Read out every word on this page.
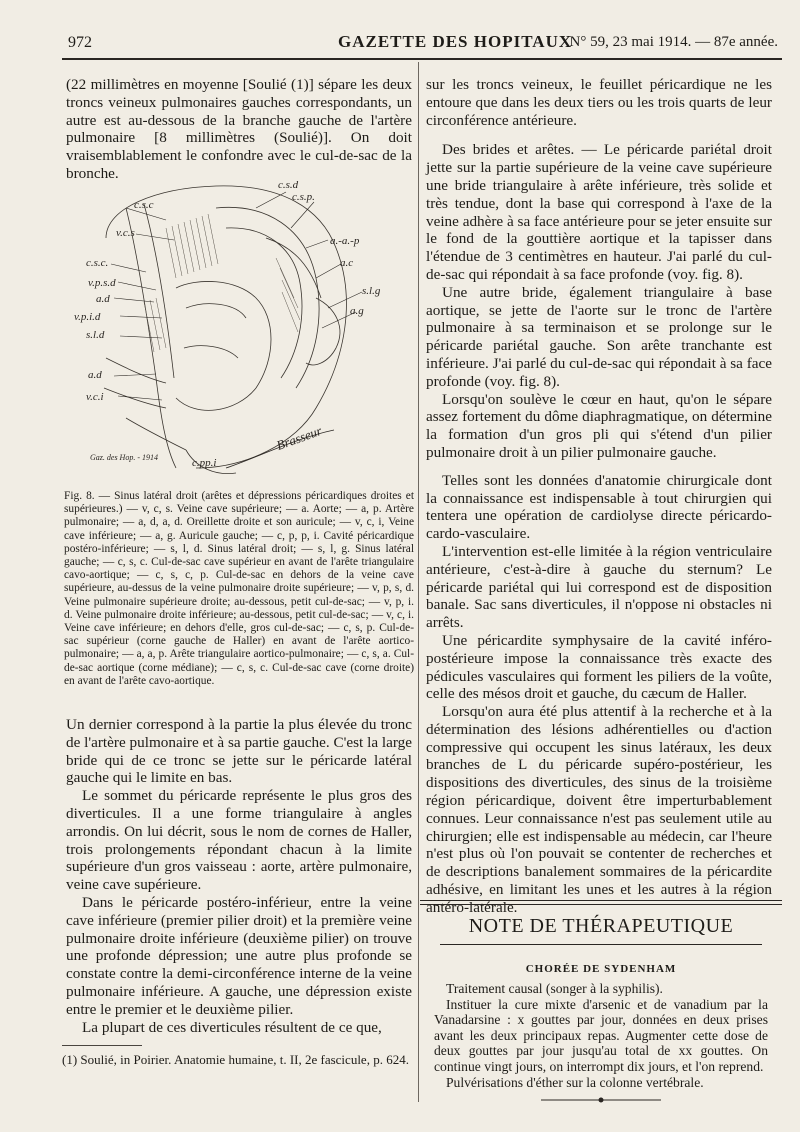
972	GAZETTE DES HOPITAUX
N° 59, 23 mai 1914. — 87e année.

(22 millimètres en moyenne [Soulié (1)] sépare les deux troncs veineux pulmonaires gauches correspondants, un autre est au-dessous de la branche gauche de l'artère pulmonaire [8 millimètres (Soulié)]. On doit vraisemblablement le confondre avec le cul-de-sac de la bronche.

c.s.d
c.s.c
c.s.p.
v.c.s
a.-a.-p
a.c
c.s.c.
v.p.s.d
a.d
s.l.g
v.p.i.d	a.g
s.l.d
a.d
v.c.i
c.pp.i
Gaz. des Hop. - 1914
Brasseur
Fig. 8. — Sinus latéral droit (arêtes et dépressions péricardiques droites et supérieures.) — v, c, s. Veine cave supérieure; — a. Aorte; — a, p. Artère pulmonaire; — a, d, a, d. Oreillette droite et son auricule; — v, c, i, Veine cave inférieure; — a, g. Auricule gauche; — c, p, p, i. Cavité péricardique postéro-inférieure; — s, l, d. Sinus latéral droit; — s, l, g. Sinus latéral gauche; — c, s, c. Cul-de-sac cave supérieur en avant de l'arête triangulaire cavo-aortique; — c, s, c, p. Cul-de-sac en dehors de la veine cave supérieure, au-dessus de la veine pulmonaire droite supérieure; — v, p, s, d. Veine pulmonaire supérieure droite; au-dessous, petit cul-de-sac; — v, p, i. d. Veine pulmonaire droite inférieure; au-dessous, petit cul-de-sac; — v, c, i. Veine cave inférieure; en dehors d'elle, gros cul-de-sac; — c, s, p. Cul-de-sac supérieur (corne gauche de Haller) en avant de l'arête aortico-pulmonaire; — a, a, p. Arête triangulaire aortico-pulmonaire; — c, s, a. Cul-de-sac aortique (corne médiane); — c, s, c. Cul-de-sac cave (corne droite) en avant de l'arête cavo-aortique.

Un dernier correspond à la partie la plus élevée du tronc de l'artère pulmonaire et à sa partie gauche. C'est la large bride qui de ce tronc se jette sur le péricarde latéral gauche qui le limite en bas.

Le sommet du péricarde représente le plus gros des diverticules. Il a une forme triangulaire à angles arrondis. On lui décrit, sous le nom de cornes de Haller, trois prolongements répondant chacun à la limite supérieure d'un gros vaisseau : aorte, artère pulmonaire, veine cave supérieure.

Dans le péricarde postéro-inférieur, entre la veine cave inférieure (premier pilier droit) et la première veine pulmonaire droite inférieure (deuxième pilier) on trouve une profonde dépression; une autre plus profonde se constate contre la demi-circonférence interne de la veine pulmonaire inférieure. A gauche, une dépression existe entre le premier et le deuxième pilier.

La plupart de ces diverticules résultent de ce que,

(1) Soulié, in Poirier. Anatomie humaine, t. II, 2e fascicule, p. 624.

sur les troncs veineux, le feuillet péricardique ne les entoure que dans les deux tiers ou les trois quarts de leur circonférence antérieure.

Des brides et arêtes. — Le péricarde pariétal droit jette sur la partie supérieure de la veine cave supérieure une bride triangulaire à arête inférieure, très solide et très tendue, dont la base qui correspond à l'axe de la veine adhère à sa face antérieure pour se jeter ensuite sur le fond de la gouttière aortique et la tapisser dans l'étendue de 3 centimètres en hauteur. J'ai parlé du cul-de-sac qui répondait à sa face profonde (voy. fig. 8).

Une autre bride, également triangulaire à base aortique, se jette de l'aorte sur le tronc de l'artère pulmonaire à sa terminaison et se prolonge sur le péricarde pariétal gauche. Son arête tranchante est inférieure. J'ai parlé du cul-de-sac qui répondait à sa face profonde (voy. fig. 8).

Lorsqu'on soulève le cœur en haut, qu'on le sépare assez fortement du dôme diaphragmatique, on détermine la formation d'un gros pli qui s'étend d'un pilier pulmonaire droit à un pilier pulmonaire gauche.

Telles sont les données d'anatomie chirurgicale dont la connaissance est indispensable à tout chirurgien qui tentera une opération de cardiolyse directe péricardo-cardo-vasculaire.

L'intervention est-elle limitée à la région ventriculaire antérieure, c'est-à-dire à gauche du sternum? Le péricarde pariétal qui lui correspond est de disposition banale. Sac sans diverticules, il n'oppose ni obstacles ni arrêts.

Une péricardite symphysaire de la cavité inféro-postérieure impose la connaissance très exacte des pédicules vasculaires qui forment les piliers de la voûte, celle des mésos droit et gauche, du cæcum de Haller.

Lorsqu'on aura été plus attentif à la recherche et à la détermination des lésions adhérentielles ou d'action compressive qui occupent les sinus latéraux, les deux branches de L du péricarde supéro-postérieur, les dispositions des diverticules, des sinus de la troisième région péricardique, doivent être imperturbablement connues. Leur connaissance n'est pas seulement utile au chirurgien; elle est indispensable au médecin, car l'heure n'est plus où l'on pouvait se contenter de recherches et de descriptions banalement sommaires de la péricardite adhésive, en limitant les unes et les autres à la région antéro-latérale.

NOTE DE THÉRAPEUTIQUE
CHORÉE DE SYDENHAM

Traitement causal (songer à la syphilis).

Instituer la cure mixte d'arsenic et de vanadium par la Vanadarsine : x gouttes par jour, données en deux prises avant les deux principaux repas. Augmenter cette dose de deux gouttes par jour jusqu'au total de xx gouttes. On continue vingt jours, on interrompt dix jours, et l'on reprend.

Pulvérisations d'éther sur la colonne vertébrale.
